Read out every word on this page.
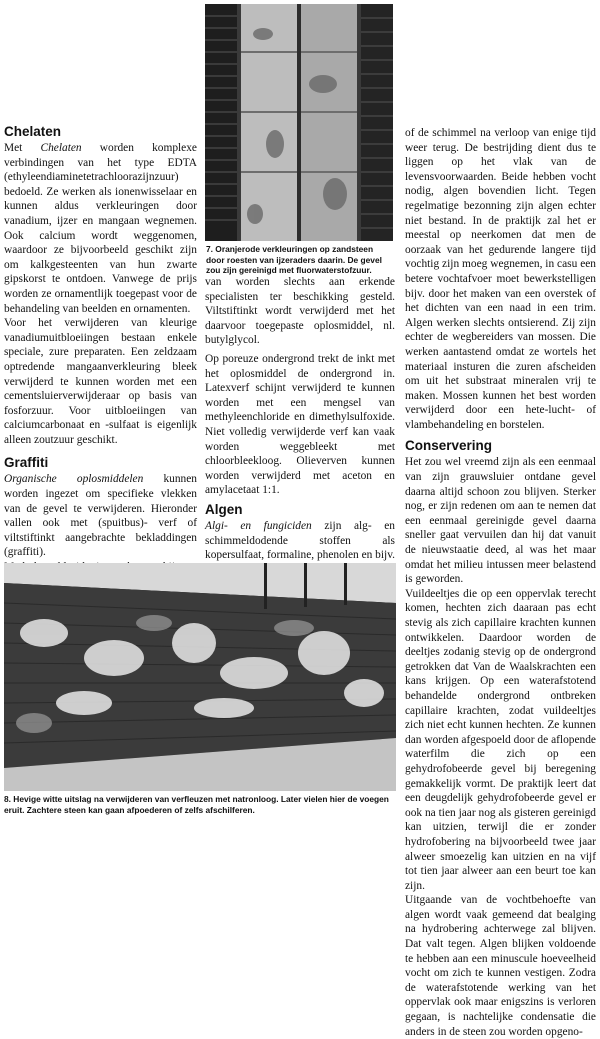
7. Oranjerode verkleuringen op zandsteen door roesten van ijzeraders daarin. De gevel zou zijn gereinigd met fluorwaterstofzuur.
Chelaten

Met Chelaten worden komplexe verbindingen van het type EDTA (ethyleendiaminetetrachloorazijnzuur) bedoeld. Ze werken als ionenwisselaar en kunnen aldus verkleuringen door vanadium, ijzer en mangaan wegnemen. Ook calcium wordt weggenomen, waardoor ze bijvoorbeeld geschikt zijn om kalkgesteenten van hun zwarte gipskorst te ontdoen. Vanwege de prijs worden ze ornamentlijk toegepast voor de behandeling van beelden en ornamenten.

Voor het verwijderen van kleurige vanadiumuitbloeiingen bestaan enkele speciale, zure preparaten. Een zeldzaam optredende mangaanverkleuring bleek verwijderd te kunnen worden met een cementsluierverwijderaar op basis van fosforzuur. Voor uitbloeiingen van calciumcarbonaat en -sulfaat is eigenlijk alleen zoutzuur geschikt.

Graffiti

Organische oplosmiddelen kunnen worden ingezet om specifieke vlekken van de gevel te verwijderen. Hieronder vallen ook met (spuitbus)- verf of viltstiftinkt aangebrachte bekladdingen (graffiti).

van worden slechts aan erkende specialisten ter beschikking gesteld. Viltstiftinkt wordt verwijderd met het daarvoor toegepaste oplosmiddel, nl. butylglycol.

Op poreuze ondergrond trekt de inkt met het oplosmiddel de ondergrond in. Latexverf schijnt verwijderd te kunnen worden met een mengsel van methyleenchloride en dimethylsulfoxide. Niet volledig verwijderde verf kan vaak worden weggebleekt met chloorbleekloog. Olieverven kunnen worden verwijderd met aceton en amylacetaat 1:1.

Algen

Algi- en fungiciden zijn alg- en schimmeldodende stoffen als kopersulfaat, formaline, phenolen en bijv.

of de schimmel na verloop van enige tijd weer terug. De bestrijding dient dus te liggen op het vlak van de levensvoorwaarden. Beide hebben vocht nodig, algen bovendien licht. Tegen regelmatige bezonning zijn algen echter niet bestand. In de praktijk zal het er meestal op neerkomen dat men de oorzaak van het gedurende langere tijd vochtig zijn moeg wegnemen, in casu een betere vochtafvoer moet bewerkstelligen bijv. door het maken van een overstek of het dichten van een naad in een trim. Algen werken slechts ontsierend. Zij zijn echter de wegbereiders van mossen. Die werken aantastend omdat ze wortels het materiaal insturen die zuren afscheiden om uit het substraat mineralen vrij te maken. Mossen kunnen het best worden verwijderd door een hete-lucht- of vlambehandeling en borstelen.

Conservering

Het zou wel vreemd zijn als een eenmaal van zijn grauwsluier ontdane gevel daarna altijd schoon zou blijven. Sterker nog, er zijn redenen om aan te nemen dat een eenmaal gereinigde gevel daarna sneller gaat vervuilen dan hij dat vanuit de nieuwstaatie deed, al was het maar omdat het milieu intussen meer belastend is geworden.

Vuildeeltjes die op een oppervlak terecht komen, hechten zich daaraan pas echt stevig als zich capillaire krachten kunnen ontwikkelen. Daardoor worden de deeltjes zodanig stevig op de ondergrond getrokken dat Van de Waalskrachten een kans krijgen. Op een waterafstotend behandelde ondergrond ontbreken capillaire krachten, zodat vuildeeltjes zich niet echt kunnen hechten. Ze kunnen dan worden afgespoeld door de aflopende waterfilm die zich op een gehydrofobeerde gevel bij beregening gemakkelijk vormt. De praktijk leert dat een deugdelijk gehydrofobeerde gevel er ook na tien jaar nog als gisteren gereinigd kan uitzien, terwijl die er zonder hydrofobering na bijvoorbeeld twee jaar alweer smoezelig kan uitzien en na vijf tot tien jaar alweer aan een beurt toe kan zijn.

Uitgaande van de vochtbehoefte van algen wordt vaak gemeend dat bealging na hydrobering achterwege zal blijven. Dat valt tegen. Algen blijken voldoende te hebben aan een minuscule hoeveelheid vocht om zich te kunnen vestigen. Zodra de waterafstotende werking van het oppervlak ook maar enigszins is verloren gegaan, is nachtelijke condensatie die anders in de steen zou worden opgeno-

8. Hevige witte uitslag na verwijderen van verfleuzen met natronloog. Later vielen hier de voegen eruit. Zachtere steen kan gaan afpoederen of zelfs afschilferen.
